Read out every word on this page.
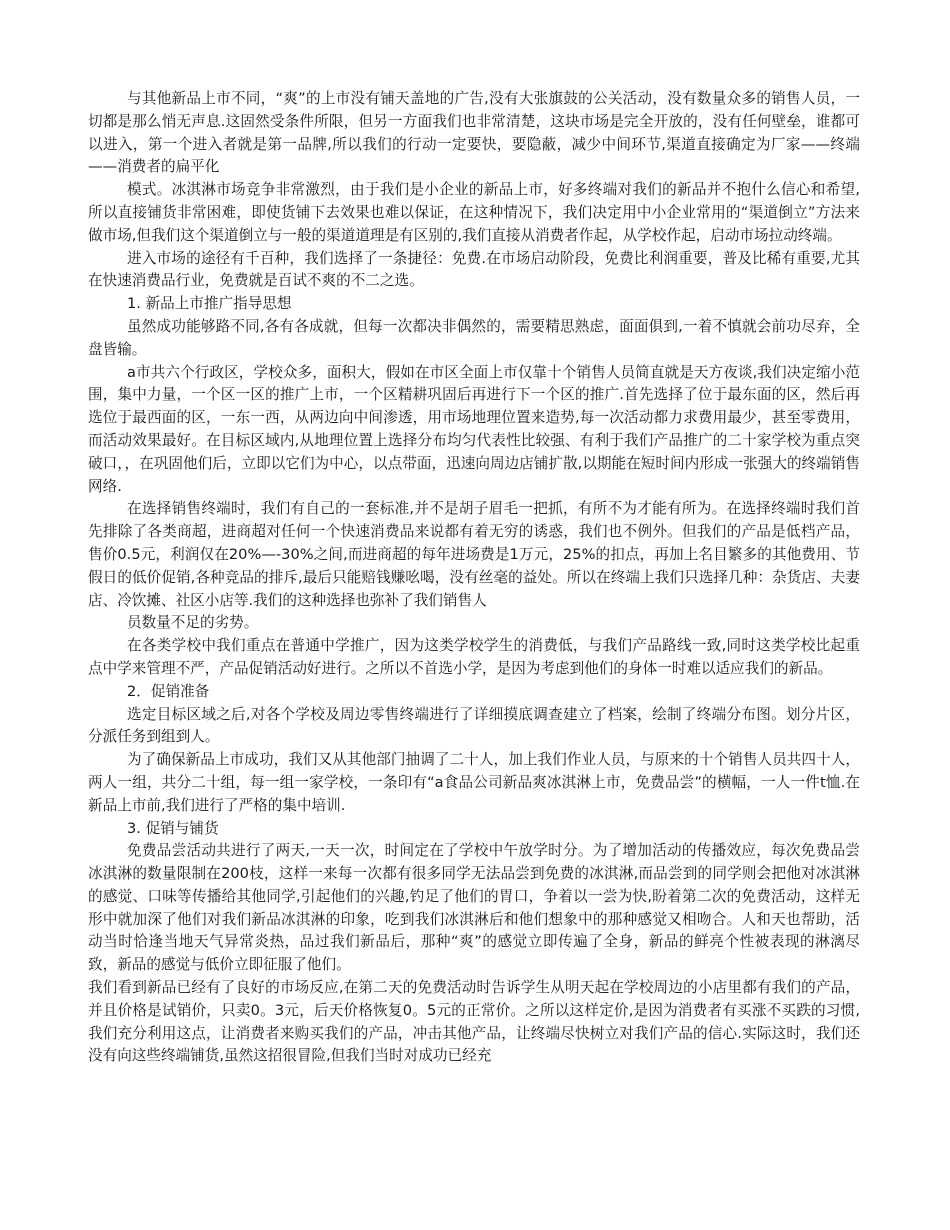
与其他新品上市不同，“爽”的上市没有铺天盖地的广告,没有大张旗鼓的公关活动，没有数量众多的销售人员，一切都是那么悄无声息.这固然受条件所限，但另一方面我们也非常清楚，这块市场是完全开放的，没有任何壁垒，谁都可以进入，第一个进入者就是第一品牌,所以我们的行动一定要快，要隐蔽，减少中间环节,渠道直接确定为厂家——终端——消费者的扁平化

模式。冰淇淋市场竞争非常激烈，由于我们是小企业的新品上市，好多终端对我们的新品并不抱什么信心和希望,所以直接铺货非常困难，即使货铺下去效果也难以保证，在这种情况下，我们决定用中小企业常用的“渠道倒立”方法来做市场,但我们这个渠道倒立与一般的渠道道理是有区别的,我们直接从消费者作起，从学校作起，启动市场拉动终端。

进入市场的途径有千百种，我们选择了一条捷径：免费.在市场启动阶段，免费比利润重要，普及比稀有重要,尤其在快速消费品行业，免费就是百试不爽的不二之选。

1. 新品上市推广指导思想

虽然成功能够路不同,各有各成就，但每一次都决非偶然的，需要精思熟虑，面面俱到,一着不慎就会前功尽弃，全盘皆输。

a市共六个行政区，学校众多，面积大，假如在市区全面上市仅靠十个销售人员简直就是天方夜谈,我们决定缩小范围，集中力量，一个区一区的推广上市，一个区精耕巩固后再进行下一个区的推广.首先选择了位于最东面的区，然后再选位于最西面的区，一东一西，从两边向中间渗透，用市场地理位置来造势,每一次活动都力求费用最少，甚至零费用，而活动效果最好。在目标区域内,从地理位置上选择分布均匀代表性比较强、有利于我们产品推广的二十家学校为重点突破口，，在巩固他们后，立即以它们为中心，以点带面，迅速向周边店铺扩散,以期能在短时间内形成一张强大的终端销售网络.

在选择销售终端时，我们有自己的一套标准,并不是胡子眉毛一把抓，有所不为才能有所为。在选择终端时我们首先排除了各类商超，进商超对任何一个快速消费品来说都有着无穷的诱惑，我们也不例外。但我们的产品是低档产品，售价0.5元，利润仅在20%—-30%之间,而进商超的每年进场费是1万元，25%的扣点，再加上名目繁多的其他费用、节假日的低价促销,各种竞品的排斥,最后只能赔钱赚吆喝，没有丝毫的益处。所以在终端上我们只选择几种：杂货店、夫妻店、冷饮摊、社区小店等.我们的这种选择也弥补了我们销售人

员数量不足的劣势。

在各类学校中我们重点在普通中学推广，因为这类学校学生的消费低，与我们产品路线一致,同时这类学校比起重点中学来管理不严，产品促销活动好进行。之所以不首选小学，是因为考虑到他们的身体一时难以适应我们的新品。

2．促销准备

选定目标区域之后,对各个学校及周边零售终端进行了详细摸底调查建立了档案，绘制了终端分布图。划分片区，分派任务到组到人。

为了确保新品上市成功，我们又从其他部门抽调了二十人，加上我们作业人员，与原来的十个销售人员共四十人，两人一组，共分二十组，每一组一家学校，一条印有“a食品公司新品爽冰淇淋上市，免费品尝”的横幅，一人一件t恤.在新品上市前,我们进行了严格的集中培训.

3. 促销与铺货

免费品尝活动共进行了两天,一天一次，时间定在了学校中午放学时分。为了增加活动的传播效应，每次免费品尝冰淇淋的数量限制在200枝，这样一来每一次都有很多同学无法品尝到免费的冰淇淋,而品尝到的同学则会把他对冰淇淋的感觉、口味等传播给其他同学,引起他们的兴趣,钓足了他们的胃口，争着以一尝为快,盼着第二次的免费活动，这样无形中就加深了他们对我们新品冰淇淋的印象，吃到我们冰淇淋后和他们想象中的那种感觉又相吻合。人和天也帮助，活动当时恰逢当地天气异常炎热，品过我们新品后，那种“爽”的感觉立即传遍了全身，新品的鲜亮个性被表现的淋漓尽致，新品的感觉与低价立即征服了他们。

我们看到新品已经有了良好的市场反应,在第二天的免费活动时告诉学生从明天起在学校周边的小店里都有我们的产品，并且价格是试销价，只卖0。3元，后天价格恢复0。5元的正常价。之所以这样定价,是因为消费者有买涨不买跌的习惯,我们充分利用这点，让消费者来购买我们的产品，冲击其他产品，让终端尽快树立对我们产品的信心.实际这时，我们还没有向这些终端铺货,虽然这招很冒险,但我们当时对成功已经充
